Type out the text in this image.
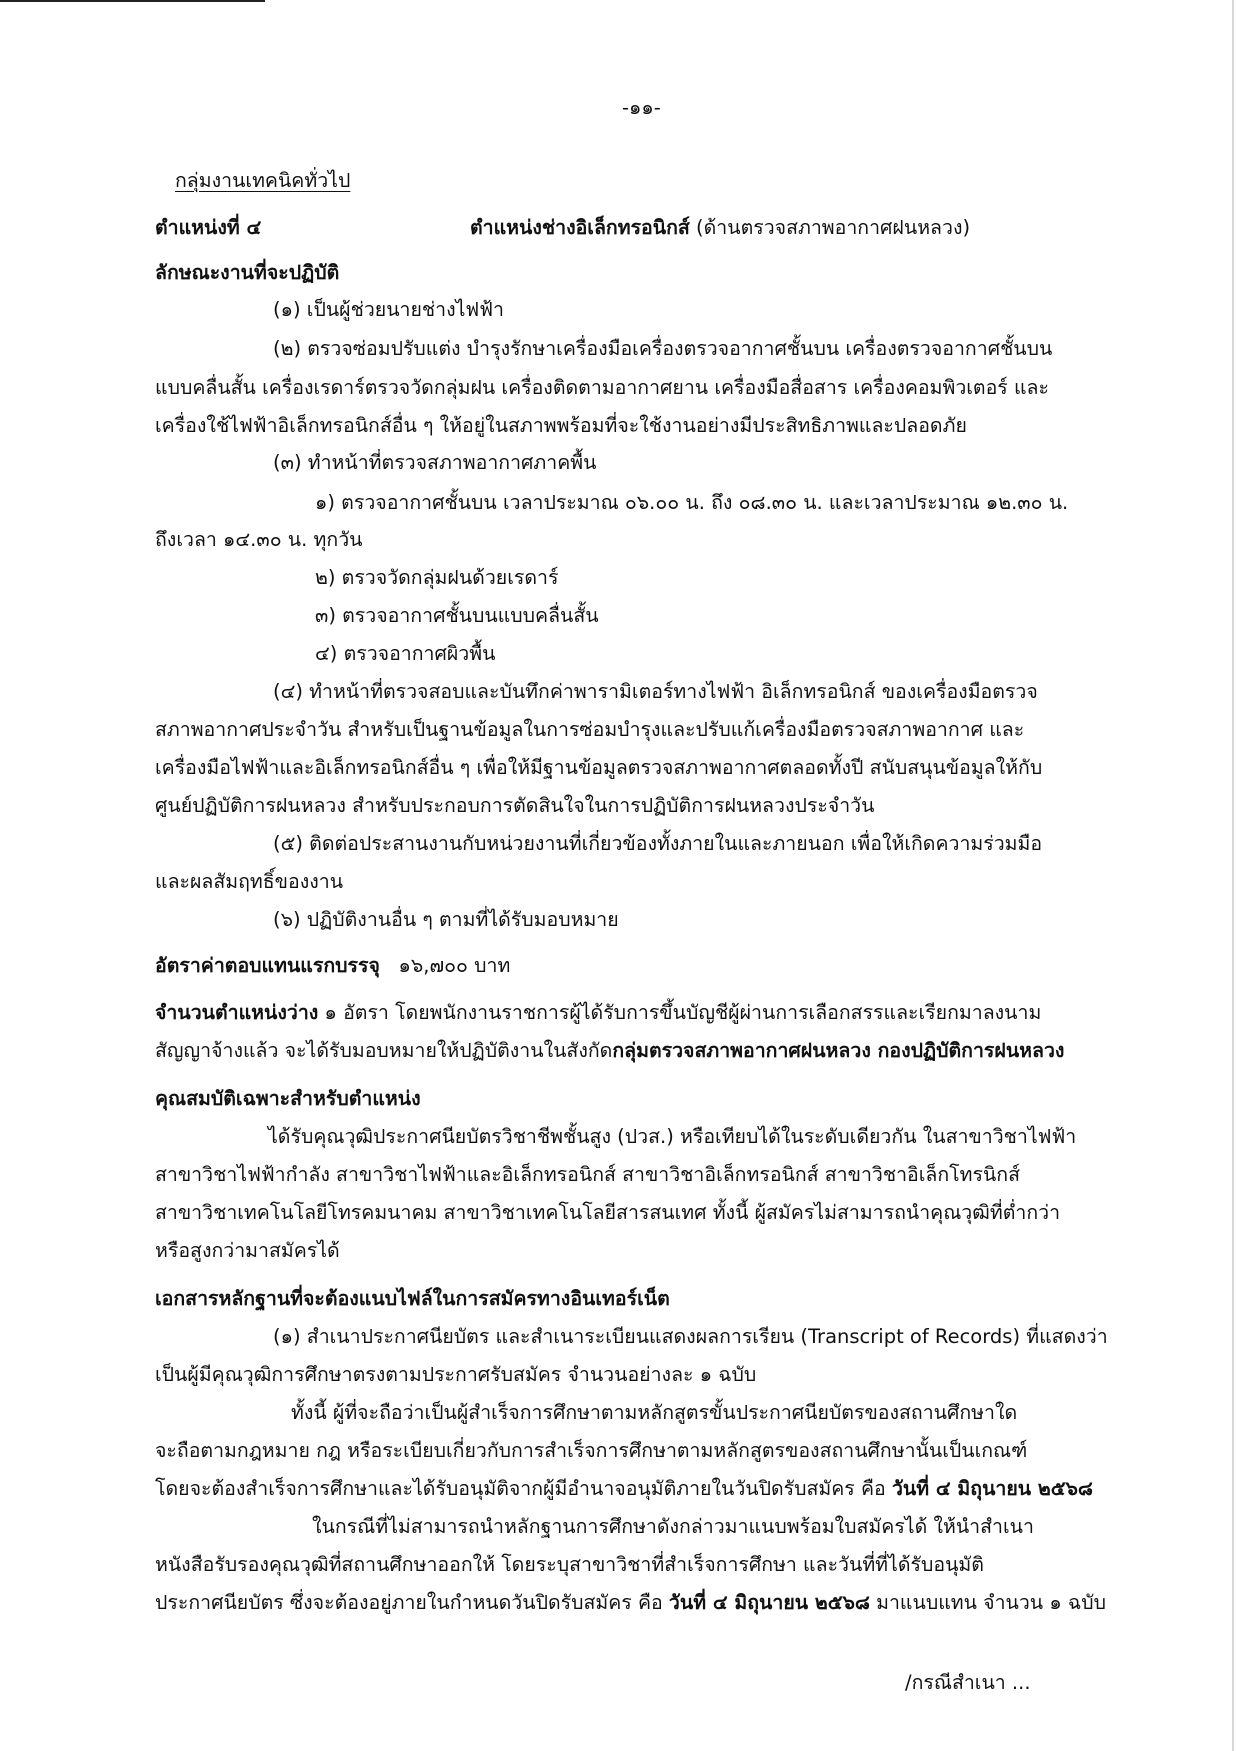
-๑๑-
กลุ่มงานเทคนิคทั่วไป
ตำแหน่งที่ ๔	ตำแหน่งช่างอิเล็กทรอนิกส์ (ด้านตรวจสภาพอากาศฝนหลวง)
ลักษณะงานที่จะปฏิบัติ
(๑) เป็นผู้ช่วยนายช่างไฟฟ้า
(๒) ตรวจซ่อมปรับแต่ง บำรุงรักษาเครื่องมือเครื่องตรวจอากาศชั้นบน เครื่องตรวจอากาศชั้นบน
แบบคลื่นสั้น เครื่องเรดาร์ตรวจวัดกลุ่มฝน เครื่องติดตามอากาศยาน เครื่องมือสื่อสาร เครื่องคอมพิวเตอร์ และ
เครื่องใช้ไฟฟ้าอิเล็กทรอนิกส์อื่น ๆ ให้อยู่ในสภาพพร้อมที่จะใช้งานอย่างมีประสิทธิภาพและปลอดภัย
(๓) ทำหน้าที่ตรวจสภาพอากาศภาคพื้น
๑) ตรวจอากาศชั้นบน เวลาประมาณ ๐๖.๐๐ น. ถึง ๐๘.๓๐ น. และเวลาประมาณ ๑๒.๓๐ น.
ถึงเวลา ๑๔.๓๐ น. ทุกวัน
๒) ตรวจวัดกลุ่มฝนด้วยเรดาร์
๓) ตรวจอากาศชั้นบนแบบคลื่นสั้น
๔) ตรวจอากาศผิวพื้น
(๔) ทำหน้าที่ตรวจสอบและบันทึกค่าพารามิเตอร์ทางไฟฟ้า อิเล็กทรอนิกส์ ของเครื่องมือตรวจ
สภาพอากาศประจำวัน สำหรับเป็นฐานข้อมูลในการซ่อมบำรุงและปรับแก้เครื่องมือตรวจสภาพอากาศ และ
เครื่องมือไฟฟ้าและอิเล็กทรอนิกส์อื่น ๆ เพื่อให้มีฐานข้อมูลตรวจสภาพอากาศตลอดทั้งปี สนับสนุนข้อมูลให้กับ
ศูนย์ปฏิบัติการฝนหลวง สำหรับประกอบการตัดสินใจในการปฏิบัติการฝนหลวงประจำวัน
(๕) ติดต่อประสานงานกับหน่วยงานที่เกี่ยวข้องทั้งภายในและภายนอก เพื่อให้เกิดความร่วมมือ
และผลสัมฤทธิ์ของงาน
(๖) ปฏิบัติงานอื่น ๆ ตามที่ได้รับมอบหมาย
อัตราค่าตอบแทนแรกบรรจุ ๑๖,๗๐๐ บาท
จำนวนตำแหน่งว่าง ๑ อัตรา โดยพนักงานราชการผู้ได้รับการขึ้นบัญชีผู้ผ่านการเลือกสรรและเรียกมาลงนาม
สัญญาจ้างแล้ว จะได้รับมอบหมายให้ปฏิบัติงานในสังกัดกลุ่มตรวจสภาพอากาศฝนหลวง กองปฏิบัติการฝนหลวง
คุณสมบัติเฉพาะสำหรับตำแหน่ง
ได้รับคุณวุฒิประกาศนียบัตรวิชาชีพชั้นสูง (ปวส.) หรือเทียบได้ในระดับเดียวกัน ในสาขาวิชาไฟฟ้า
สาขาวิชาไฟฟ้ากำลัง สาขาวิชาไฟฟ้าและอิเล็กทรอนิกส์ สาขาวิชาอิเล็กทรอนิกส์ สาขาวิชาอิเล็กโทรนิกส์
สาขาวิชาเทคโนโลยีโทรคมนาคม สาขาวิชาเทคโนโลยีสารสนเทศ ทั้งนี้ ผู้สมัครไม่สามารถนำคุณวุฒิที่ต่ำกว่า
หรือสูงกว่ามาสมัครได้
เอกสารหลักฐานที่จะต้องแนบไฟล์ในการสมัครทางอินเทอร์เน็ต
(๑) สำเนาประกาศนียบัตร และสำเนาระเบียนแสดงผลการเรียน (Transcript of Records) ที่แสดงว่า
เป็นผู้มีคุณวุฒิการศึกษาตรงตามประกาศรับสมัคร จำนวนอย่างละ ๑ ฉบับ
ทั้งนี้ ผู้ที่จะถือว่าเป็นผู้สำเร็จการศึกษาตามหลักสูตรขั้นประกาศนียบัตรของสถานศึกษาใด
จะถือตามกฎหมาย กฎ หรือระเบียบเกี่ยวกับการสำเร็จการศึกษาตามหลักสูตรของสถานศึกษานั้นเป็นเกณฑ์
โดยจะต้องสำเร็จการศึกษาและได้รับอนุมัติจากผู้มีอำนาจอนุมัติภายในวันปิดรับสมัคร คือ วันที่ ๔ มิถุนายน ๒๕๖๘
ในกรณีที่ไม่สามารถนำหลักฐานการศึกษาดังกล่าวมาแนบพร้อมใบสมัครได้ ให้นำสำเนา
หนังสือรับรองคุณวุฒิที่สถานศึกษาออกให้ โดยระบุสาขาวิชาที่สำเร็จการศึกษา และวันที่ที่ได้รับอนุมัติ
ประกาศนียบัตร ซึ่งจะต้องอยู่ภายในกำหนดวันปิดรับสมัคร คือ วันที่ ๔ มิถุนายน ๒๕๖๘ มาแนบแทน จำนวน ๑ ฉบับ
/กรณีสำเนา ...
